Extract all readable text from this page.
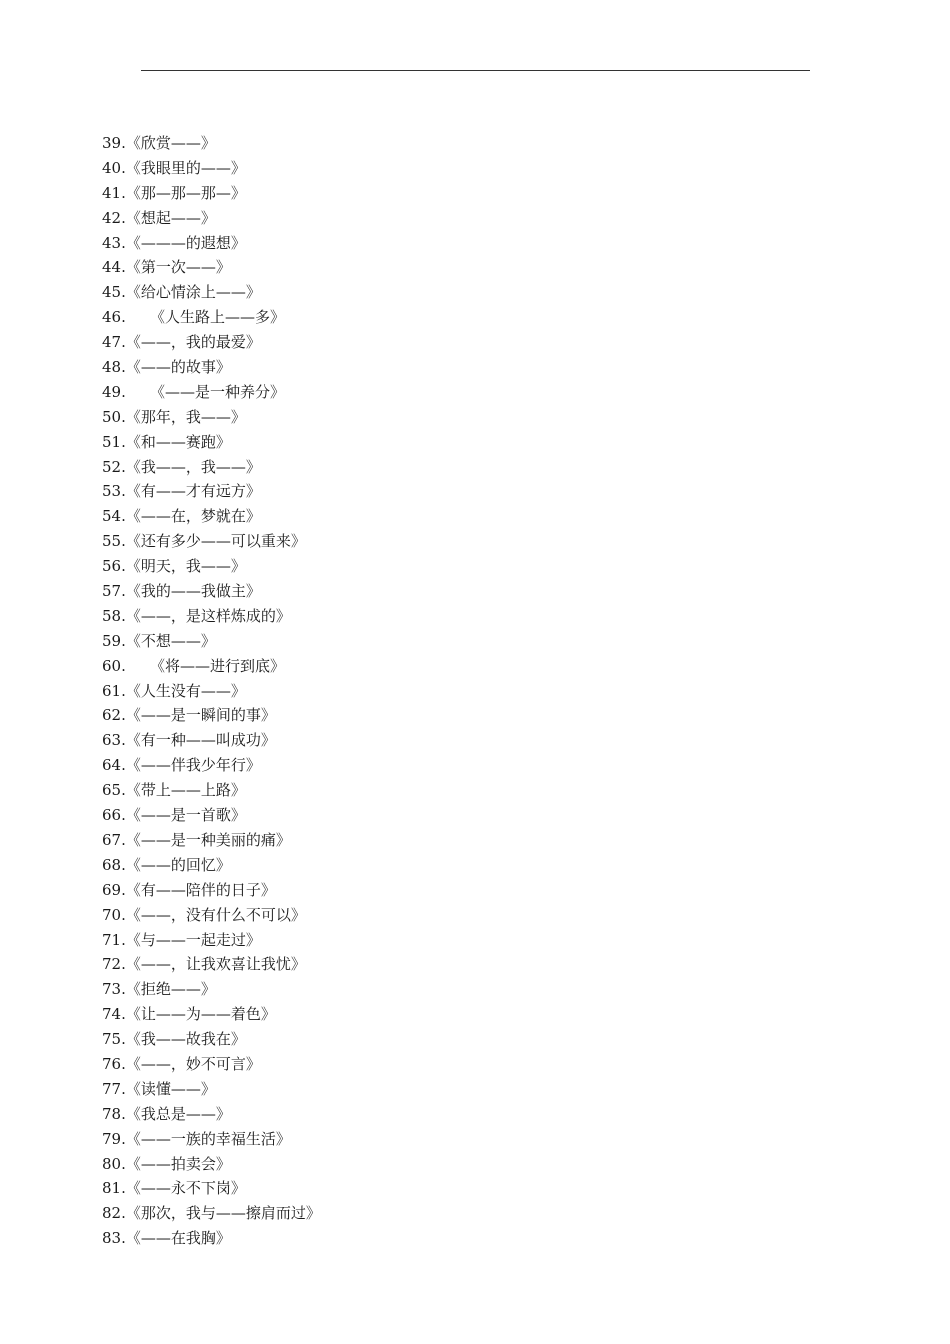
39.《欣赏——》
40.《我眼里的——》
41.《那—那—那—》
42.《想起——》
43.《———的遐想》
44.《第一次——》
45.《给心情涂上——》
46. 《人生路上——多》
47.《——，我的最爱》
48.《——的故事》
49. 《——是一种养分》
50.《那年，我——》
51.《和——赛跑》
52.《我——，我——》
53.《有——才有远方》
54.《——在，梦就在》
55.《还有多少——可以重来》
56.《明天，我——》
57.《我的——我做主》
58.《——，是这样炼成的》
59.《不想——》
60. 《将——进行到底》
61.《人生没有——》
62.《——是一瞬间的事》
63.《有一种——叫成功》
64.《——伴我少年行》
65.《带上——上路》
66.《——是一首歌》
67.《——是一种美丽的痛》
68.《——的回忆》
69.《有——陪伴的日子》
70.《——，没有什么不可以》
71.《与——一起走过》
72.《——，让我欢喜让我忧》
73.《拒绝——》
74.《让——为——着色》
75.《我——故我在》
76.《——，妙不可言》
77.《读懂——》
78.《我总是——》
79.《——一族的幸福生活》
80.《——拍卖会》
81.《——永不下岗》
82.《那次，我与——擦肩而过》
83.《——在我胸》
